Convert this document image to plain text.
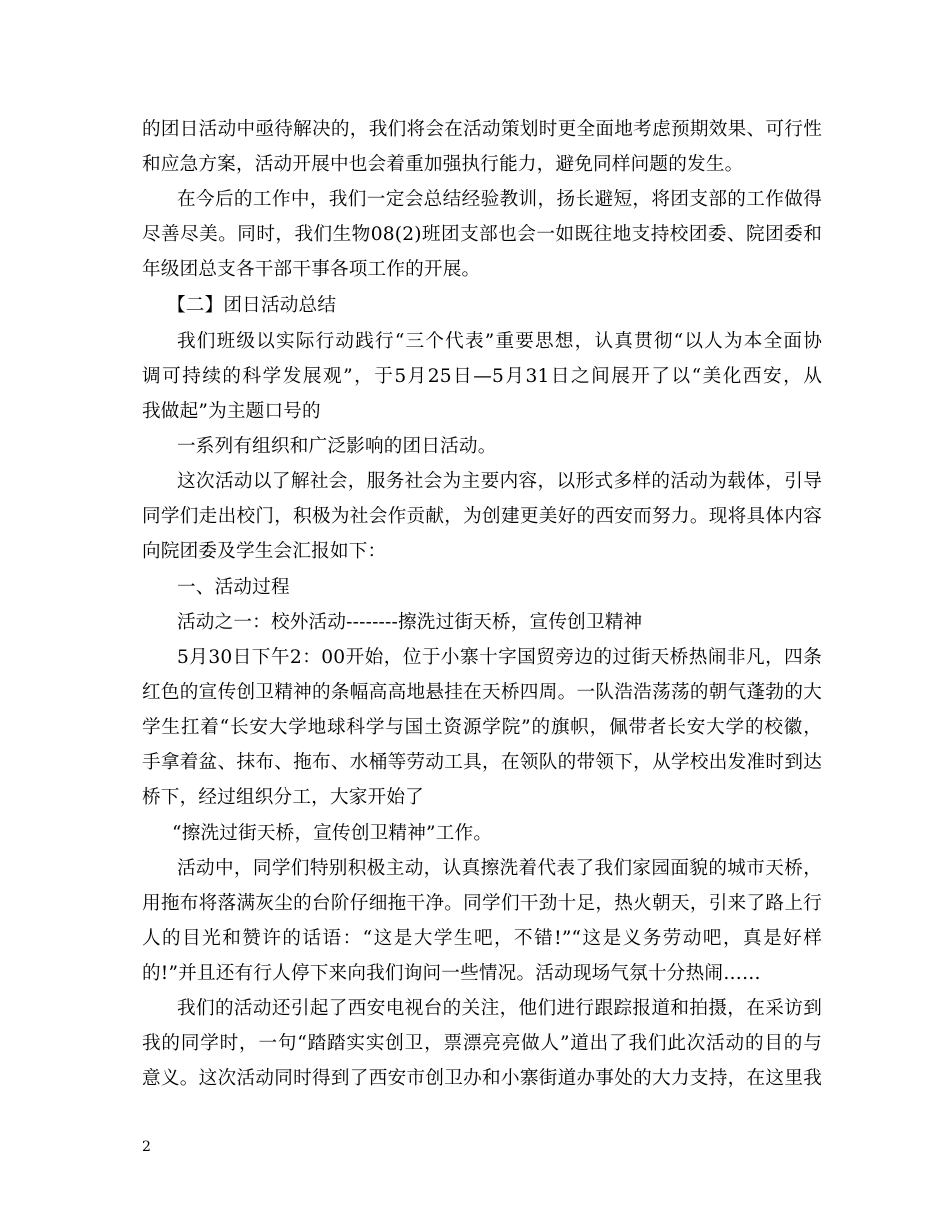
的团日活动中亟待解决的，我们将会在活动策划时更全面地考虑预期效果、可行性
和应急方案，活动开展中也会着重加强执行能力，避免同样问题的发生。
在今后的工作中，我们一定会总结经验教训，扬长避短，将团支部的工作做得
尽善尽美。同时，我们生物08(2)班团支部也会一如既往地支持校团委、院团委和
年级团总支各干部干事各项工作的开展。
【二】团日活动总结
我们班级以实际行动践行“三个代表”重要思想，认真贯彻“以人为本全面协
调可持续的科学发展观”，于5月25日—5月31日之间展开了以“美化西安，从
我做起”为主题口号的
一系列有组织和广泛影响的团日活动。
这次活动以了解社会，服务社会为主要内容，以形式多样的活动为载体，引导
同学们走出校门，积极为社会作贡献，为创建更美好的西安而努力。现将具体内容
向院团委及学生会汇报如下：
一、活动过程
活动之一：校外活动--------擦洗过街天桥，宣传创卫精神
5月30日下午2：00开始，位于小寨十字国贸旁边的过街天桥热闹非凡，四条
红色的宣传创卫精神的条幅高高地悬挂在天桥四周。一队浩浩荡荡的朝气蓬勃的大
学生扛着“长安大学地球科学与国土资源学院”的旗帜，佩带者长安大学的校徽，
手拿着盆、抹布、拖布、水桶等劳动工具，在领队的带领下，从学校出发准时到达
桥下，经过组织分工，大家开始了
“擦洗过街天桥，宣传创卫精神”工作。
活动中，同学们特别积极主动，认真擦洗着代表了我们家园面貌的城市天桥，
用拖布将落满灰尘的台阶仔细拖干净。同学们干劲十足，热火朝天，引来了路上行
人的目光和赞许的话语：“这是大学生吧，不错!”“这是义务劳动吧，真是好样
的!”并且还有行人停下来向我们询问一些情况。活动现场气氛十分热闹……
我们的活动还引起了西安电视台的关注，他们进行跟踪报道和拍摄，在采访到
我的同学时，一句“踏踏实实创卫，票漂亮亮做人”道出了我们此次活动的目的与
意义。这次活动同时得到了西安市创卫办和小寨街道办事处的大力支持，在这里我
2
